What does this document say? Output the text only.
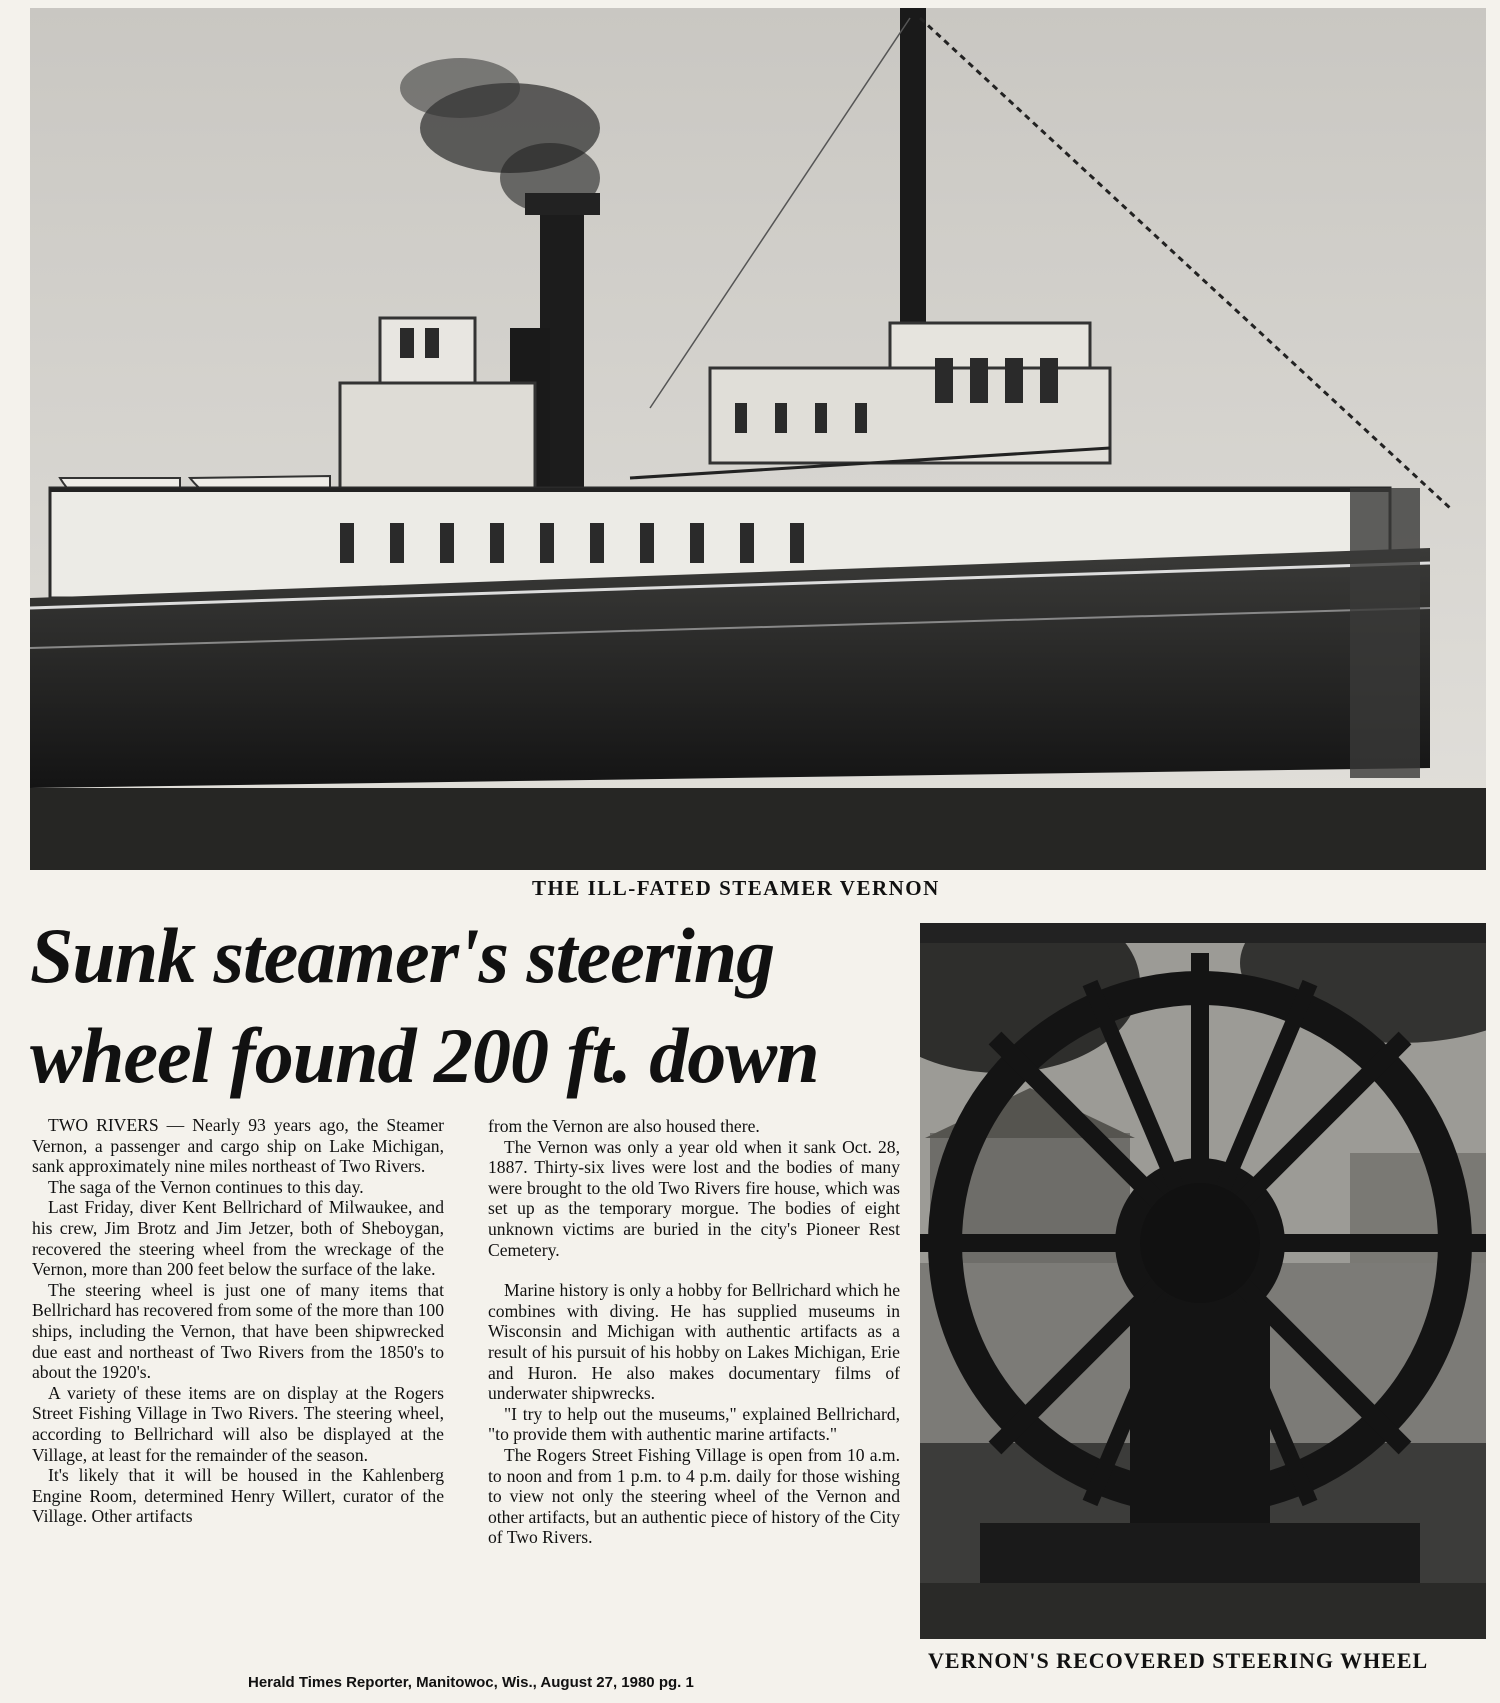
THE ILL-FATED STEAMER VERNON
Sunk steamer's steering
wheel found 200 ft. down

TWO RIVERS — Nearly 93 years ago, the Steamer Vernon, a passenger and cargo ship on Lake Michigan, sank approximately nine miles northeast of Two Rivers.

The saga of the Vernon continues to this day.

Last Friday, diver Kent Bellrichard of Milwaukee, and his crew, Jim Brotz and Jim Jetzer, both of Sheboygan, recovered the steering wheel from the wreckage of the Vernon, more than 200 feet below the surface of the lake.

The steering wheel is just one of many items that Bellrichard has recovered from some of the more than 100 ships, including the Vernon, that have been shipwrecked due east and northeast of Two Rivers from the 1850's to about the 1920's.

A variety of these items are on display at the Rogers Street Fishing Village in Two Rivers. The steering wheel, according to Bellrichard will also be displayed at the Village, at least for the remainder of the season.

It's likely that it will be housed in the Kahlenberg Engine Room, determined Henry Willert, curator of the Village. Other artifacts

from the Vernon are also housed there.

The Vernon was only a year old when it sank Oct. 28, 1887. Thirty-six lives were lost and the bodies of many were brought to the old Two Rivers fire house, which was set up as the temporary morgue. The bodies of eight unknown victims are buried in the city's Pioneer Rest Cemetery.

Marine history is only a hobby for Bellrichard which he combines with diving. He has supplied museums in Wisconsin and Michigan with authentic artifacts as a result of his pursuit of his hobby on Lakes Michigan, Erie and Huron. He also makes documentary films of underwater shipwrecks.

"I try to help out the museums," explained Bellrichard, "to provide them with authentic marine artifacts."

The Rogers Street Fishing Village is open from 10 a.m. to noon and from 1 p.m. to 4 p.m. daily for those wishing to view not only the steering wheel of the Vernon and other artifacts, but an authentic piece of history of the City of Two Rivers.

VERNON'S RECOVERED STEERING WHEEL
Herald Times Reporter, Manitowoc, Wis., August 27, 1980 pg. 1
